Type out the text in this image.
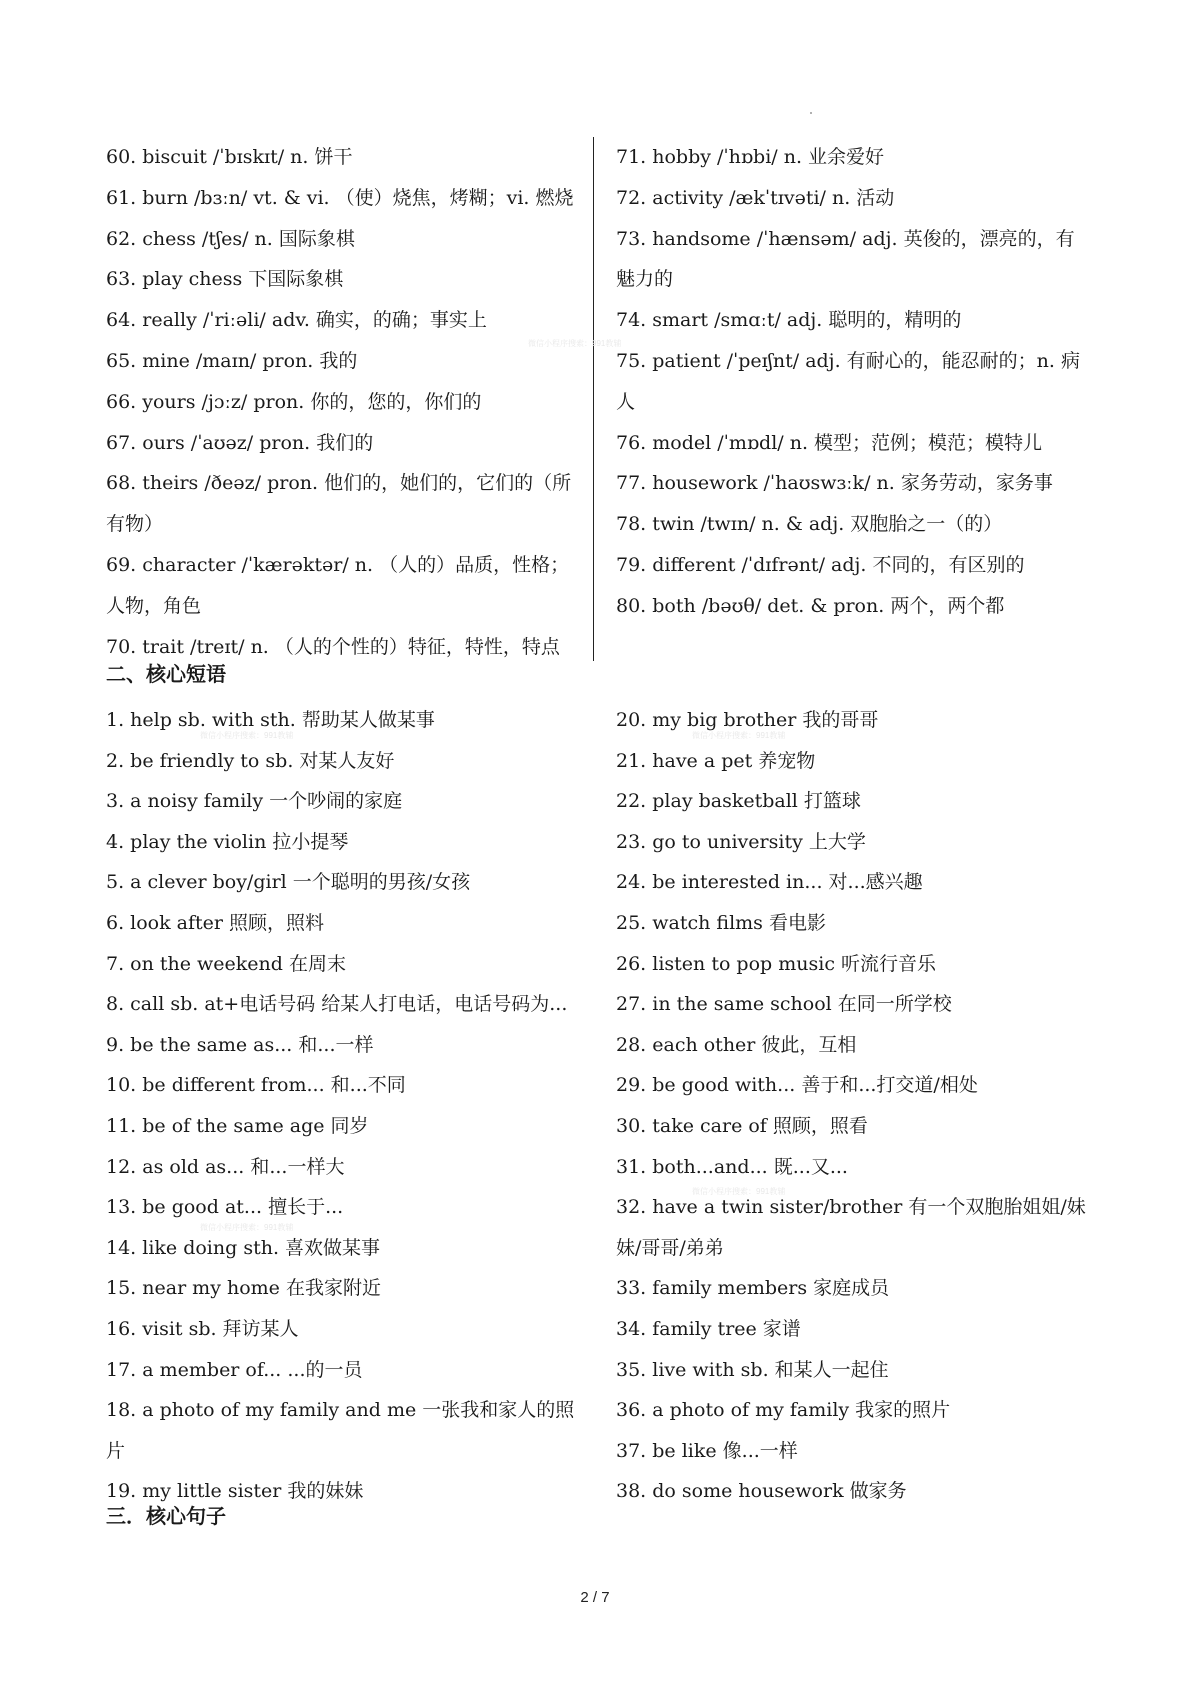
60. biscuit /ˈbɪskɪt/ n. 饼干
61. burn /bɜːn/ vt. & vi. （使）烧焦，烤糊；vi. 燃烧
62. chess /tʃes/ n. 国际象棋
63. play chess 下国际象棋
64. really /ˈriːəli/ adv. 确实，的确；事实上
65. mine /maɪn/ pron. 我的
66. yours /jɔːz/ pron. 你的，您的，你们的
67. ours /ˈaʊəz/ pron. 我们的
68. theirs /ðeəz/ pron. 他们的，她们的，它们的（所有物）
69. character /ˈkærəktər/ n. （人的）品质，性格；人物，角色
70. trait /treɪt/ n. （人的个性的）特征，特性，特点
71. hobby /ˈhɒbi/ n. 业余爱好
72. activity /ækˈtɪvəti/ n. 活动
73. handsome /ˈhænsəm/ adj. 英俊的，漂亮的，有魅力的
74. smart /smɑːt/ adj. 聪明的，精明的
75. patient /ˈpeɪʃnt/ adj. 有耐心的，能忍耐的；n. 病人
76. model /ˈmɒdl/ n. 模型；范例；模范；模特儿
77. housework /ˈhaʊswɜːk/ n. 家务劳动，家务事
78. twin /twɪn/ n. & adj. 双胞胎之一（的）
79. different /ˈdɪfrənt/ adj. 不同的，有区别的
80. both /bəʊθ/ det. & pron. 两个，两个都
二、核心短语
1. help sb. with sth. 帮助某人做某事
2. be friendly to sb. 对某人友好
3. a noisy family 一个吵闹的家庭
4. play the violin 拉小提琴
5. a clever boy/girl 一个聪明的男孩/女孩
6. look after 照顾，照料
7. on the weekend 在周末
8. call sb. at+电话号码 给某人打电话，电话号码为...
9. be the same as... 和...一样
10. be different from... 和...不同
11. be of the same age 同岁
12. as old as... 和...一样大
13. be good at... 擅长于...
14. like doing sth. 喜欢做某事
15. near my home 在我家附近
16. visit sb. 拜访某人
17. a member of... ...的一员
18. a photo of my family and me 一张我和家人的照片
19. my little sister 我的妹妹
20. my big brother 我的哥哥
21. have a pet 养宠物
22. play basketball 打篮球
23. go to university 上大学
24. be interested in... 对...感兴趣
25. watch films 看电影
26. listen to pop music 听流行音乐
27. in the same school 在同一所学校
28. each other 彼此，互相
29. be good with... 善于和...打交道/相处
30. take care of 照顾，照看
31. both...and... 既...又...
32. have a twin sister/brother 有一个双胞胎姐姐/妹妹/哥哥/弟弟
33. family members 家庭成员
34. family tree 家谱
35. live with sb. 和某人一起住
36. a photo of my family 我家的照片
37. be like 像...一样
38. do some housework 做家务
三．核心句子
微信小程序搜索：991教辅
微信小程序搜索：991教辅	微信小程序搜索：991教辅
微信小程序搜索：991教辅
微信小程序搜索：991教辅
2 / 7
